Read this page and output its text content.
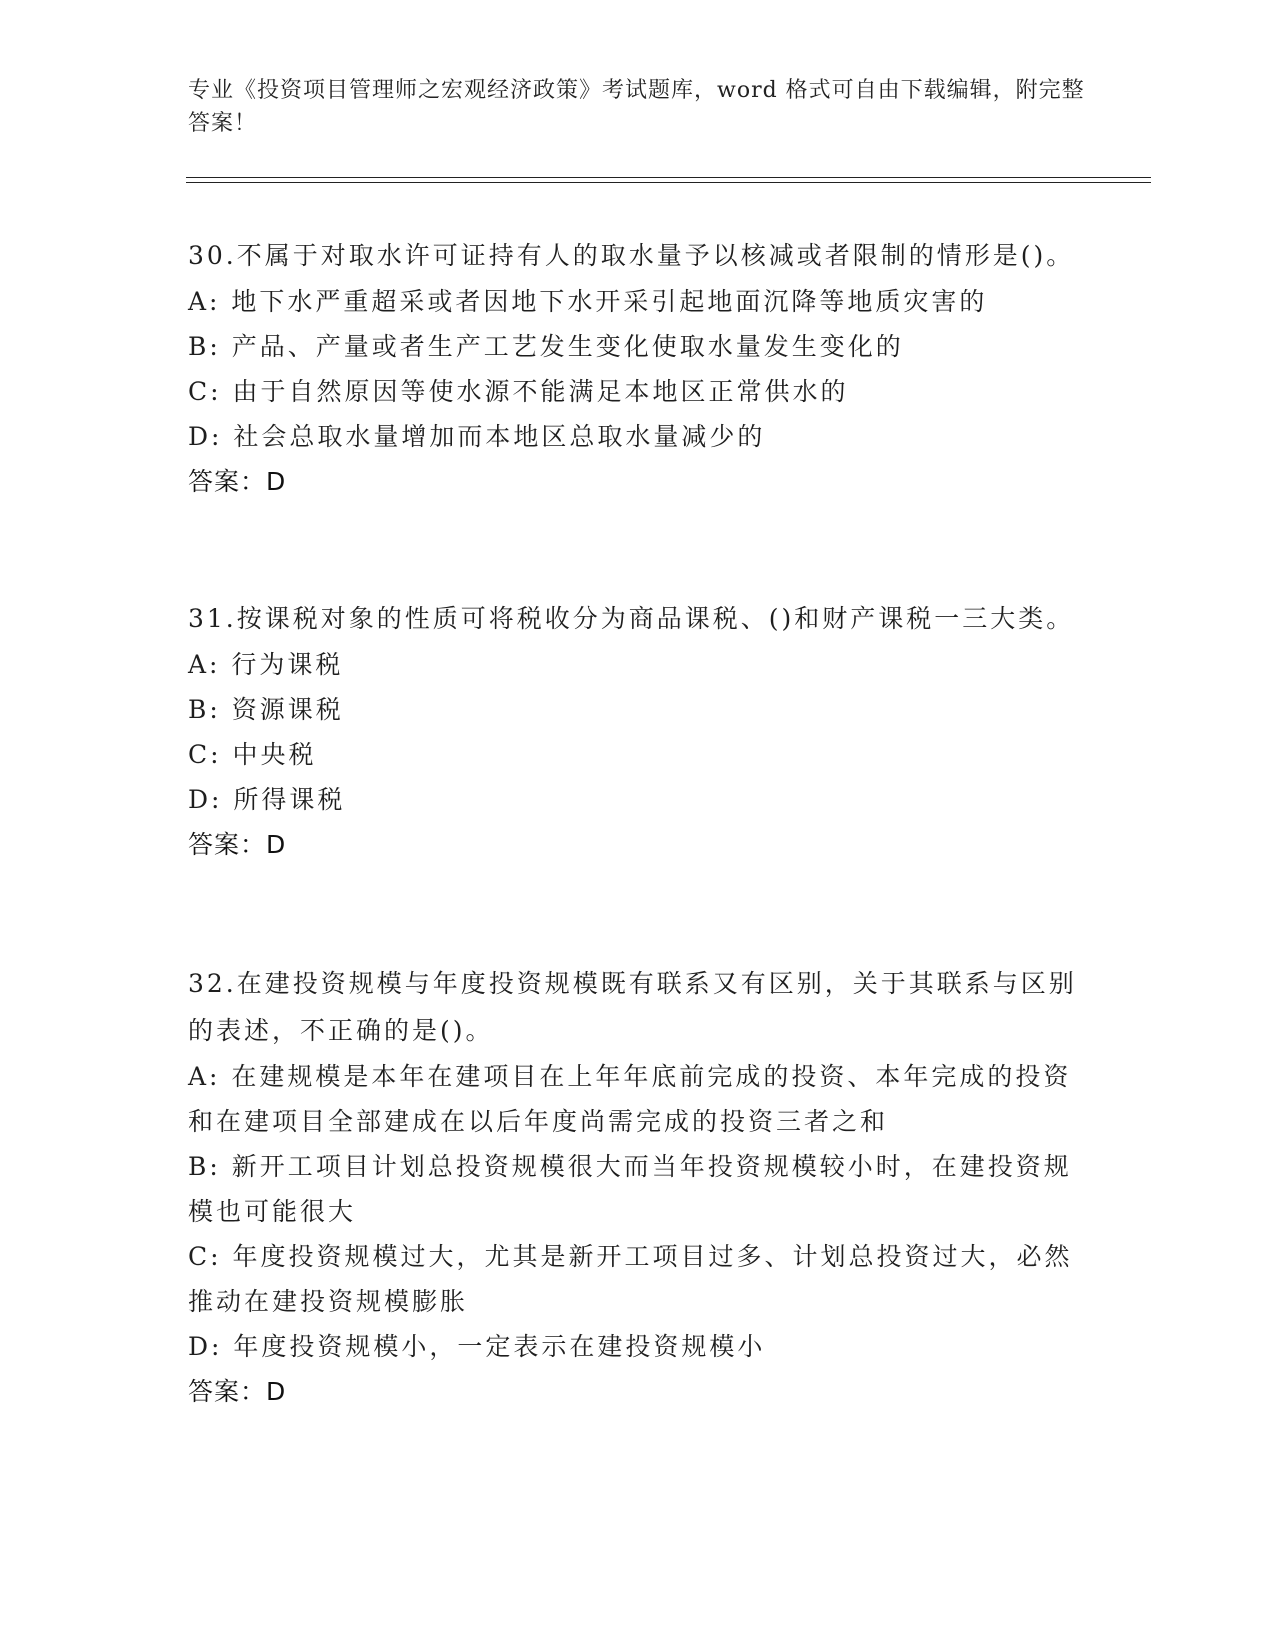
专业《投资项目管理师之宏观经济政策》考试题库，word 格式可自由下载编辑，附完整答案！

30.不属于对取水许可证持有人的取水量予以核减或者限制的情形是()。

A: 地下水严重超采或者因地下水开采引起地面沉降等地质灾害的

B: 产品、产量或者生产工艺发生变化使取水量发生变化的

C: 由于自然原因等使水源不能满足本地区正常供水的

D: 社会总取水量增加而本地区总取水量减少的

答案：D

31.按课税对象的性质可将税收分为商品课税、()和财产课税一三大类。

A: 行为课税

B: 资源课税

C: 中央税

D: 所得课税

答案：D

32.在建投资规模与年度投资规模既有联系又有区别，关于其联系与区别的表述，不正确的是()。

A: 在建规模是本年在建项目在上年年底前完成的投资、本年完成的投资和在建项目全部建成在以后年度尚需完成的投资三者之和

B: 新开工项目计划总投资规模很大而当年投资规模较小时，在建投资规模也可能很大

C: 年度投资规模过大，尤其是新开工项目过多、计划总投资过大，必然推动在建投资规模膨胀

D: 年度投资规模小，一定表示在建投资规模小

答案：D
